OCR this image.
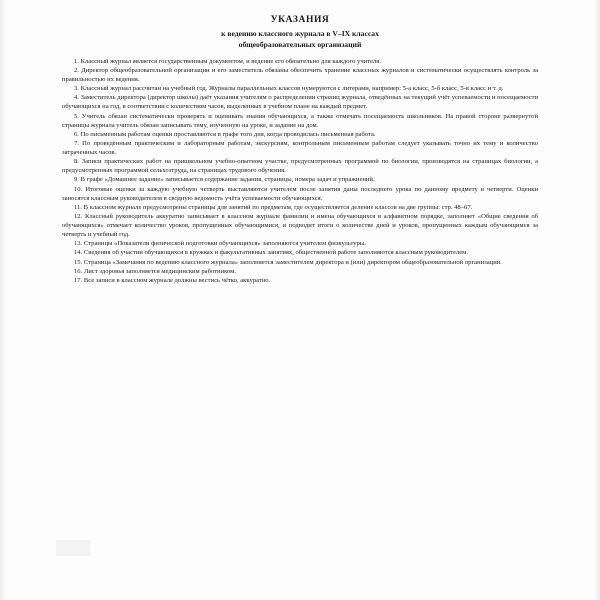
УКАЗАНИЯ
к ведению классного журнала в V–IX классах
общеобразовательных организаций

1. Классный журнал является государственным документом, и ведение его обязательно для каждого учителя.

2. Директор общеобразовательной организации и его заместитель обязаны обеспечить хранение классных журналов и систематически осуществлять контроль за правильностью их ведения.

3. Классный журнал рассчитан на учебный год. Журналы параллельных классов нумеруются с литерами, например: 5-а класс, 5-б класс, 5-в класс и т. д.

4. Заместитель директора (директор школы) даёт указания учителям о распределении страниц журнала, отведённых на текущий учёт успеваемости и посещаемости обучающихся на год, в соответствии с количеством часов, выделенных в учебном плане на каждый предмет.

5. Учитель обязан систематически проверять и оценивать знания обучающихся, а также отмечать посещаемость школьников. На правой стороне развернутой страницы журнала учитель обязан записывать тему, изученную на уроке, и задание на дом.

6. По письменным работам оценки проставляются в графе того дня, когда проводилась письменная работа.

7. По проведённым практическим и лабораторным работам, экскурсиям, контрольным письменным работам следует указывать точно их тему и количество затраченных часов.

8. Записи практических работ на пришкольном учебно-опытном участке, предусмотренных программой по биологии, производятся на страницах биологии, а предусмотренных программой сельхозтруда, на страницах трудового обучения.

9. В графе «Домашнее задание» записывается содержание задания, страницы, номера задач и упражнений.

10. Итоговые оценки за каждую учебную четверть выставляются учителем после занятия даны последнего урока по данному предмету в четверти. Оценки заносятся классным руководителем в сводную ведомость учёта успеваемости обучающихся.

11. В классном журнале предусмотрены страницы для занятий по предметам, где осуществляется деление классов на две группы: стр. 48–67.

12. Классный руководитель аккуратно записывает в классном журнале фамилии и имена обучающихся в алфавитном порядке, заполняет «Общие сведения об обучающихся» отмечает количество уроков, пропущенных обучающимися, и подводит итоги о количестве дней и уроков, пропущенных каждым обучающимся за четверть и учебный год.

13. Страницы «Показатели физической подготовки обучающихся» заполняются учителем физкультуры.

14. Сведения об участии обучающихся в кружках и факультативных занятиях, общественной работе заполняются классным руководителем.

15. Страница «Замечания по ведению классного журнала» заполняется заместителем директора и (или) директором общеобразовательной организации.

16. Лист здоровья заполняется медицинским работником.

17. Все записи в классном журнале должны вестись чётко, аккуратно.
